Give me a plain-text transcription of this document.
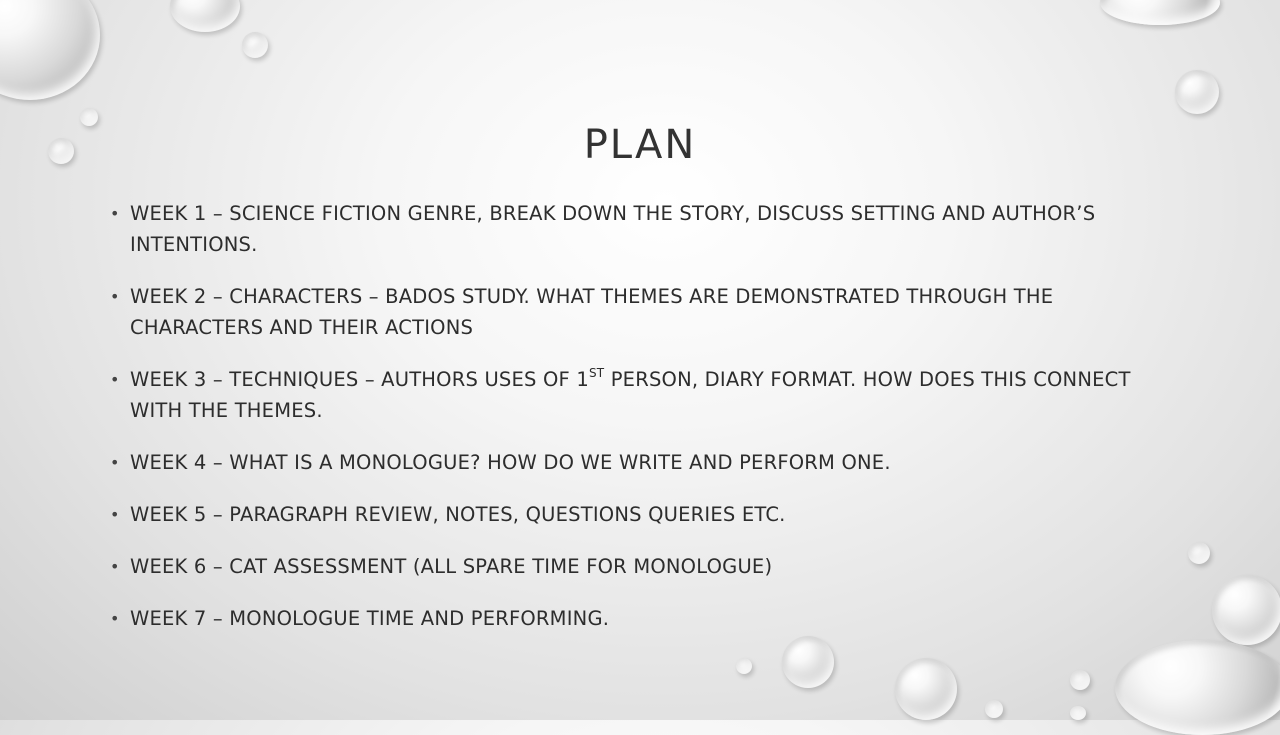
PLAN
• WEEK 1 – SCIENCE FICTION GENRE, BREAK DOWN THE STORY, DISCUSS SETTING AND AUTHOR’S INTENTIONS.
• WEEK 2 – CHARACTERS – BADOS STUDY. WHAT THEMES ARE DEMONSTRATED THROUGH THE CHARACTERS AND THEIR ACTIONS
• WEEK 3 – TECHNIQUES – AUTHORS USES OF 1ST PERSON, DIARY FORMAT. HOW DOES THIS CONNECT WITH THE THEMES.
• WEEK 4 – WHAT IS A MONOLOGUE? HOW DO WE WRITE AND PERFORM ONE.
• WEEK 5 – PARAGRAPH REVIEW, NOTES, QUESTIONS QUERIES ETC.
• WEEK 6 – CAT ASSESSMENT (ALL SPARE TIME FOR MONOLOGUE)
• WEEK 7 – MONOLOGUE TIME AND PERFORMING.
